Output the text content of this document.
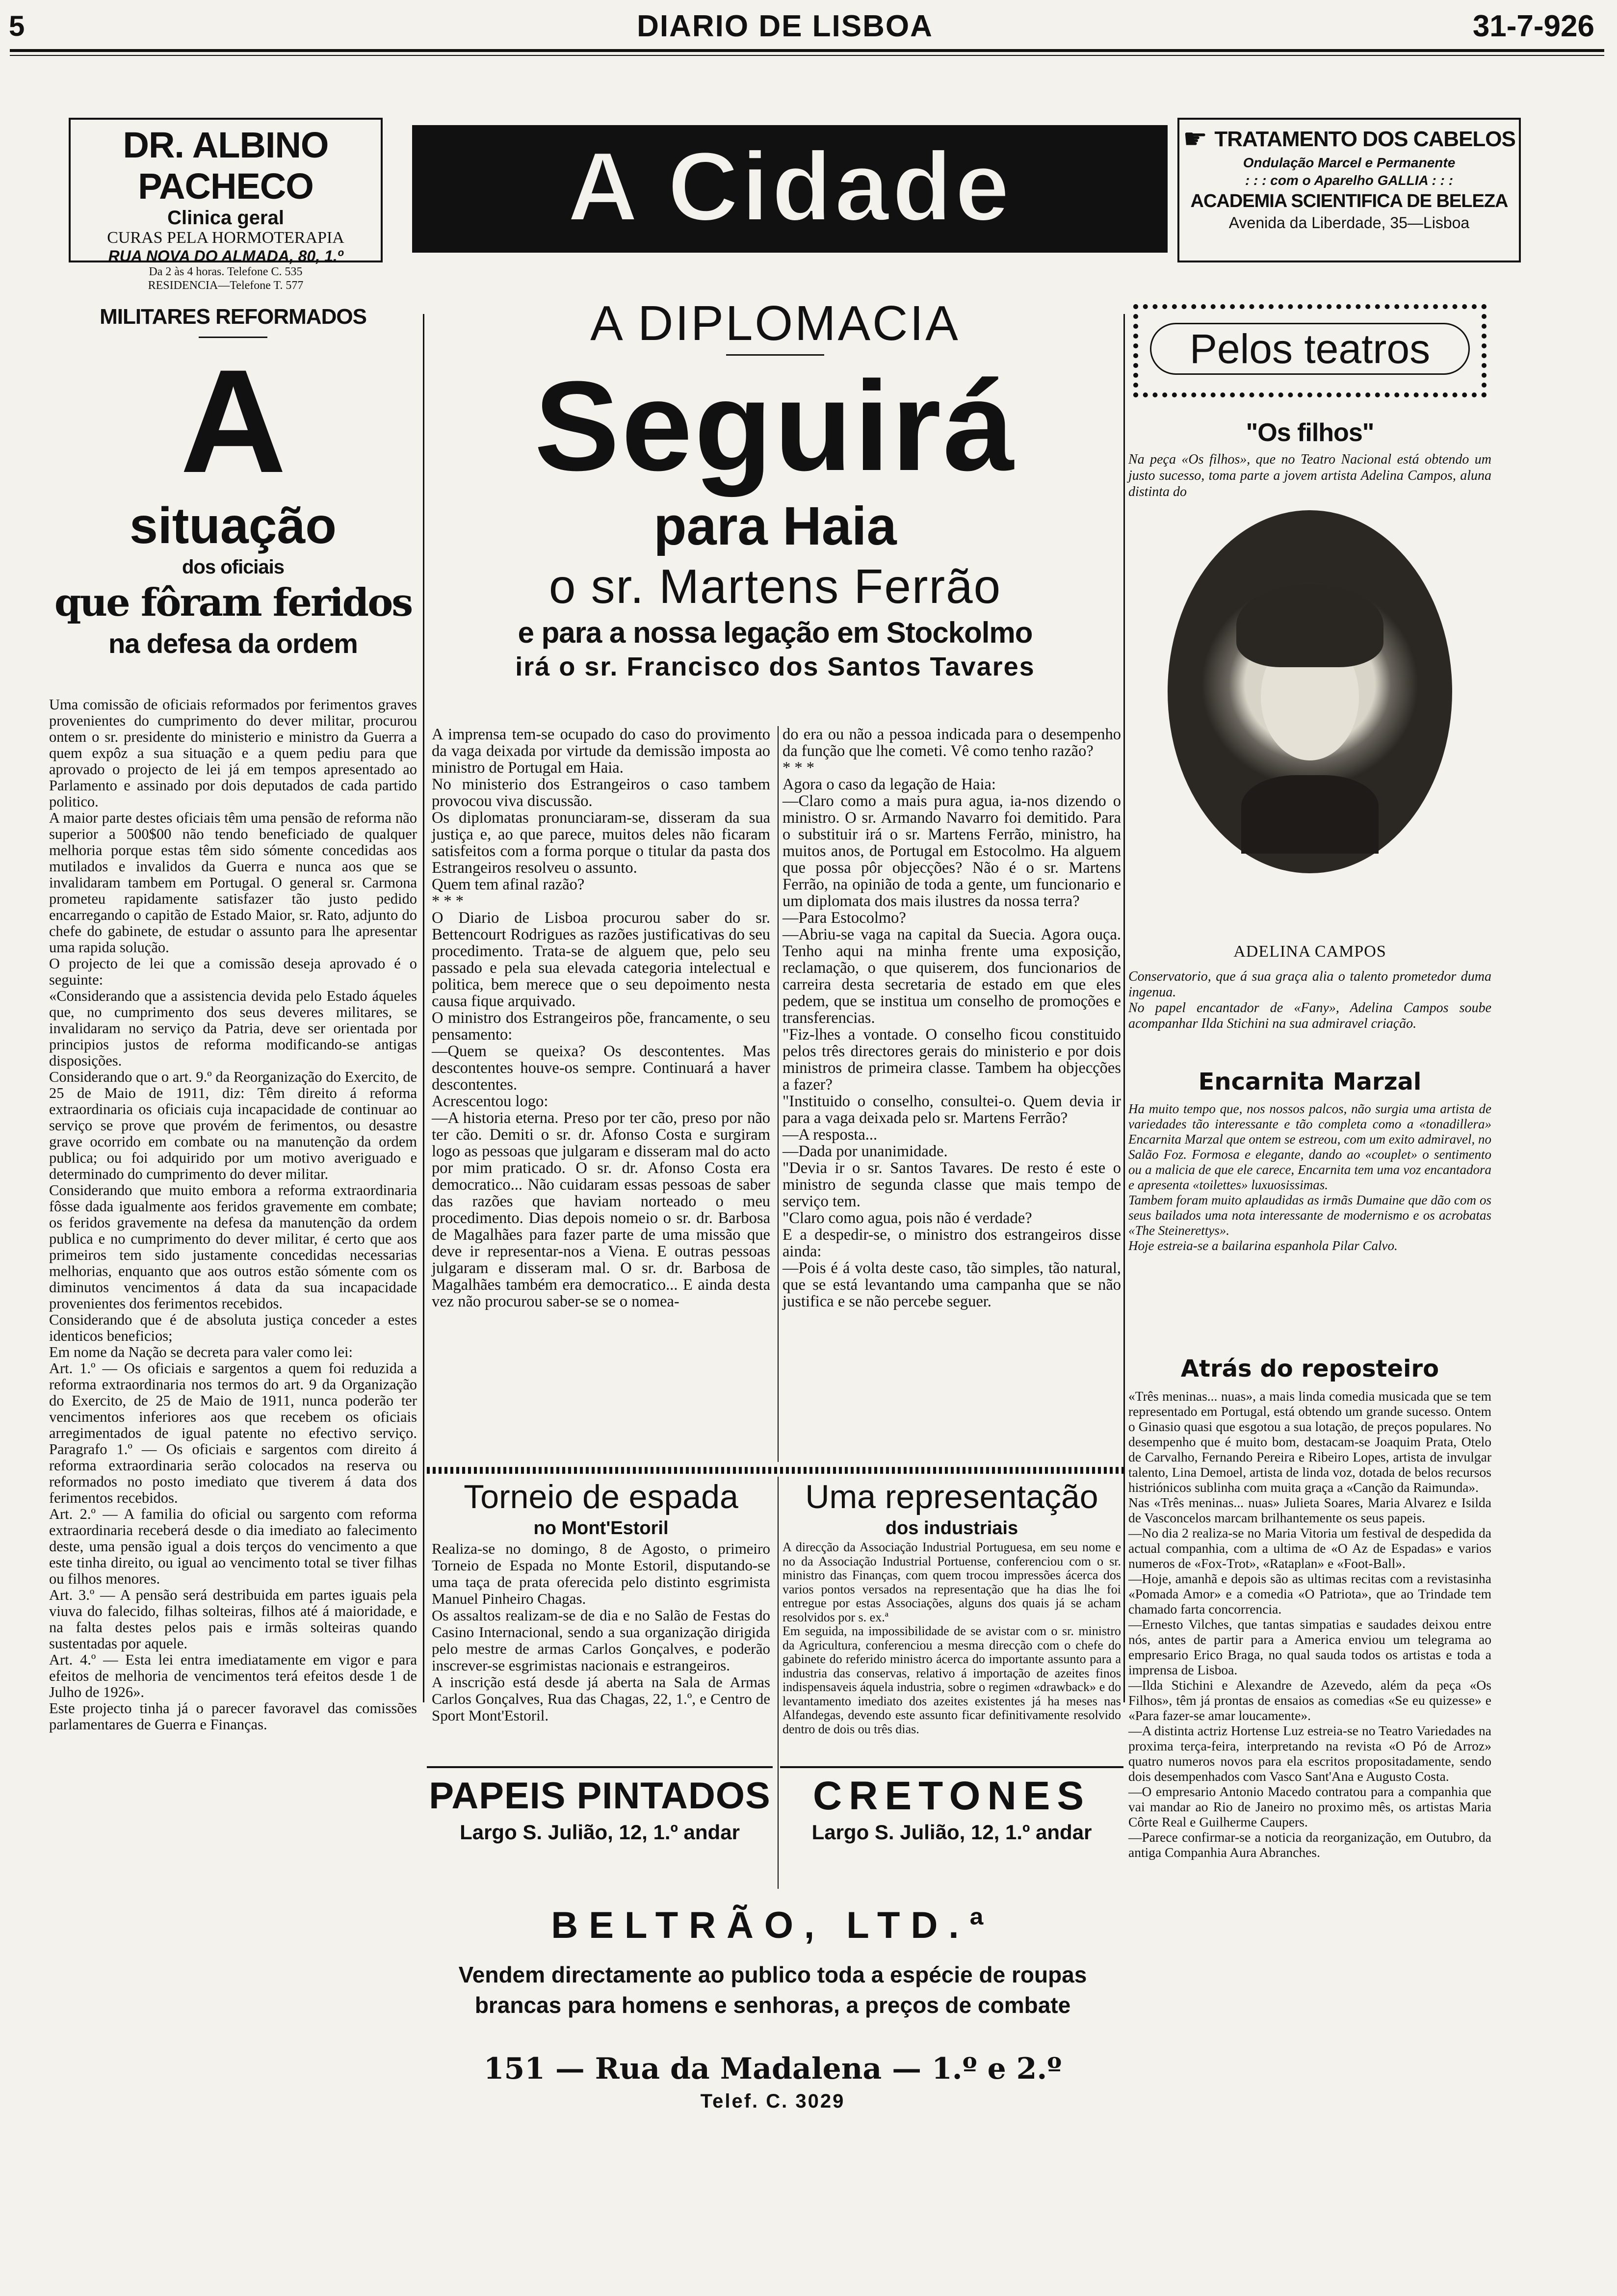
5	DIARIO DE LISBOA	31-7-926
DR. ALBINO PACHECO
Clinica geral
CURAS PELA HORMOTERAPIA
RUA NOVA DO ALMADA, 80, 1.º
Da 2 às 4 horas. Telefone C. 535
RESIDENCIA—Telefone T. 577
A Cidade	☛ TRATAMENTO DOS CABELOS
Ondulação Marcel e Permanente
: : : com o Aparelho GALLIA : : :
ACADEMIA SCIENTIFICA DE BELEZA
Avenida da Liberdade, 35—Lisboa
MILITARES REFORMADOS
A
situação
dos oficiais
que fôram feridos
na defesa da ordem
Uma comissão de oficiais reformados por ferimentos graves provenientes do cumprimento do dever militar, procurou ontem o sr. presidente do ministerio e ministro da Guerra a quem expôz a sua situação e a quem pediu para que aprovado o projecto de lei já em tempos apresentado ao Parlamento e assinado por dois deputados de cada partido politico.
A maior parte destes oficiais têm uma pensão de reforma não superior a 500$00 não tendo beneficiado de qualquer melhoria porque estas têm sido sómente concedidas aos mutilados e invalidos da Guerra e nunca aos que se invalidaram tambem em Portugal. O general sr. Carmona prometeu rapidamente satisfazer tão justo pedido encarregando o capitão de Estado Maior, sr. Rato, adjunto do chefe do gabinete, de estudar o assunto para lhe apresentar uma rapida solução.
O projecto de lei que a comissão deseja aprovado é o seguinte:
«Considerando que a assistencia devida pelo Estado áqueles que, no cumprimento dos seus deveres militares, se invalidaram no serviço da Patria, deve ser orientada por principios justos de reforma modificando-se antigas disposições.
Considerando que o art. 9.º da Reorganização do Exercito, de 25 de Maio de 1911, diz: Têm direito á reforma extraordinaria os oficiais cuja incapacidade de continuar ao serviço se prove que provém de ferimentos, ou desastre grave ocorrido em combate ou na manutenção da ordem publica; ou foi adquirido por um motivo averiguado e determinado do cumprimento do dever militar.
Considerando que muito embora a reforma extraordinaria fôsse dada igualmente aos feridos gravemente em combate; os feridos gravemente na defesa da manutenção da ordem publica e no cumprimento do dever militar, é certo que aos primeiros tem sido justamente concedidas necessarias melhorias, enquanto que aos outros estão sómente com os diminutos vencimentos á data da sua incapacidade provenientes dos ferimentos recebidos.
Considerando que é de absoluta justiça conceder a estes identicos beneficios;
Em nome da Nação se decreta para valer como lei:
Art. 1.º — Os oficiais e sargentos a quem foi reduzida a reforma extraordinaria nos termos do art. 9 da Organização do Exercito, de 25 de Maio de 1911, nunca poderão ter vencimentos inferiores aos que recebem os oficiais arregimentados de igual patente no efectivo serviço. Paragrafo 1.º — Os oficiais e sargentos com direito á reforma extraordinaria serão colocados na reserva ou reformados no posto imediato que tiverem á data dos ferimentos recebidos.
Art. 2.º — A familia do oficial ou sargento com reforma extraordinaria receberá desde o dia imediato ao falecimento deste, uma pensão igual a dois terços do vencimento a que este tinha direito, ou igual ao vencimento total se tiver filhas ou filhos menores.
Art. 3.º — A pensão será destribuida em partes iguais pela viuva do falecido, filhas solteiras, filhos até á maioridade, e na falta destes pelos pais e irmãs solteiras quando sustentadas por aquele.
Art. 4.º — Esta lei entra imediatamente em vigor e para efeitos de melhoria de vencimentos terá efeitos desde 1 de Julho de 1926».
Este projecto tinha já o parecer favoravel das comissões parlamentares de Guerra e Finanças.
A DIPLOMACIA
Seguirá
para Haia
o sr. Martens Ferrão
e para a nossa legação em Stockolmo
irá o sr. Francisco dos Santos Tavares
A imprensa tem-se ocupado do caso do provimento da vaga deixada por virtude da demissão imposta ao ministro de Portugal em Haia.
No ministerio dos Estrangeiros o caso tambem provocou viva discussão.
Os diplomatas pronunciaram-se, disseram da sua justiça e, ao que parece, muitos deles não ficaram satisfeitos com a forma porque o titular da pasta dos Estrangeiros resolveu o assunto.
Quem tem afinal razão?
* * *
O Diario de Lisboa procurou saber do sr. Bettencourt Rodrigues as razões justificativas do seu procedimento. Trata-se de alguem que, pelo seu passado e pela sua elevada categoria intelectual e politica, bem merece que o seu depoimento nesta causa fique arquivado.
O ministro dos Estrangeiros põe, francamente, o seu pensamento:
—Quem se queixa? Os descontentes. Mas descontentes houve-os sempre. Continuará a haver descontentes.
Acrescentou logo:
—A historia eterna. Preso por ter cão, preso por não ter cão. Demiti o sr. dr. Afonso Costa e surgiram logo as pessoas que julgaram e disseram mal do acto por mim praticado. O sr. dr. Afonso Costa era democratico... Não cuidaram essas pessoas de saber das razões que haviam norteado o meu procedimento. Dias depois nomeio o sr. dr. Barbosa de Magalhães para fazer parte de uma missão que deve ir representar-nos a Viena. E outras pessoas julgaram e disseram mal. O sr. dr. Barbosa de Magalhães também era democratico... E ainda desta vez não procurou saber-se se o nomea-
do era ou não a pessoa indicada para o desempenho da função que lhe cometi. Vê como tenho razão?
* * *
Agora o caso da legação de Haia:
—Claro como a mais pura agua, ia-nos dizendo o ministro. O sr. Armando Navarro foi demitido. Para o substituir irá o sr. Martens Ferrão, ministro, ha muitos anos, de Portugal em Estocolmo. Ha alguem que possa pôr objecções? Não é o sr. Martens Ferrão, na opinião de toda a gente, um funcionario e um diplomata dos mais ilustres da nossa terra?
—Para Estocolmo?
—Abriu-se vaga na capital da Suecia. Agora ouça. Tenho aqui na minha frente uma exposição, reclamação, o que quiserem, dos funcionarios de carreira desta secretaria de estado em que eles pedem, que se institua um conselho de promoções e transferencias.
"Fiz-lhes a vontade. O conselho ficou constituido pelos três directores gerais do ministerio e por dois ministros de primeira classe. Tambem ha objecções a fazer?
"Instituido o conselho, consultei-o. Quem devia ir para a vaga deixada pelo sr. Martens Ferrão?
—A resposta...
—Dada por unanimidade.
"Devia ir o sr. Santos Tavares. De resto é este o ministro de segunda classe que mais tempo de serviço tem.
"Claro como agua, pois não é verdade?
E a despedir-se, o ministro dos estrangeiros disse ainda:
—Pois é á volta deste caso, tão simples, tão natural, que se está levantando uma campanha que se não justifica e se não percebe seguer.
Torneio de espada
no Mont'Estoril
Realiza-se no domingo, 8 de Agosto, o primeiro Torneio de Espada no Monte Estoril, disputando-se uma taça de prata oferecida pelo distinto esgrimista Manuel Pinheiro Chagas.
Os assaltos realizam-se de dia e no Salão de Festas do Casino Internacional, sendo a sua organização dirigida pelo mestre de armas Carlos Gonçalves, e poderão inscrever-se esgrimistas nacionais e estrangeiros.
A inscrição está desde já aberta na Sala de Armas Carlos Gonçalves, Rua das Chagas, 22, 1.º, e Centro de Sport Mont'Estoril.
Uma representação
dos industriais
A direcção da Associação Industrial Portuguesa, em seu nome e no da Associação Industrial Portuense, conferenciou com o sr. ministro das Finanças, com quem trocou impressões ácerca dos varios pontos versados na representação que ha dias lhe foi entregue por estas Associações, alguns dos quais já se acham resolvidos por s. ex.ª
Em seguida, na impossibilidade de se avistar com o sr. ministro da Agricultura, conferenciou a mesma direcção com o chefe do gabinete do referido ministro ácerca do importante assunto para a industria das conservas, relativo á importação de azeites finos indispensaveis áquela industria, sobre o regimen «drawback» e do levantamento imediato dos azeites existentes já ha meses nas Alfandegas, devendo este assunto ficar definitivamente resolvido dentro de dois ou três dias.
PAPEIS PINTADOS
Largo S. Julião, 12, 1.º andar
CRETONES
Largo S. Julião, 12, 1.º andar
BELTRÃO, LTD.ª
Vendem directamente ao publico toda a espécie de roupas
brancas para homens e senhoras, a preços de combate
151 — Rua da Madalena — 1.º e 2.º
Telef. C. 3029
Pelos teatros
"Os filhos"
Na peça «Os filhos», que no Teatro Nacional está obtendo um justo sucesso, toma parte a jovem artista Adelina Campos, aluna distinta do
ADELINA CAMPOS
Conservatorio, que á sua graça alia o talento prometedor duma ingenua.
No papel encantador de «Fany», Adelina Campos soube acompanhar Ilda Stichini na sua admiravel criação.
Encarnita Marzal
Ha muito tempo que, nos nossos palcos, não surgia uma artista de variedades tão interessante e tão completa como a «tonadillera» Encarnita Marzal que ontem se estreou, com um exito admiravel, no Salão Foz. Formosa e elegante, dando ao «couplet» o sentimento ou a malicia de que ele carece, Encarnita tem uma voz encantadora e apresenta «toilettes» luxuosissimas.
Tambem foram muito aplaudidas as irmãs Dumaine que dão com os seus bailados uma nota interessante de modernismo e os acrobatas «The Steinerettys».
Hoje estreia-se a bailarina espanhola Pilar Calvo.
Atrás do reposteiro
«Três meninas... nuas», a mais linda comedia musicada que se tem representado em Portugal, está obtendo um grande sucesso. Ontem o Ginasio quasi que esgotou a sua lotação, de preços populares. No desempenho que é muito bom, destacam-se Joaquim Prata, Otelo de Carvalho, Fernando Pereira e Ribeiro Lopes, artista de invulgar talento, Lina Demoel, artista de linda voz, dotada de belos recursos histriónicos sublinha com muita graça a «Canção da Raimunda».
Nas «Três meninas... nuas» Julieta Soares, Maria Alvarez e Isilda de Vasconcelos marcam brilhantemente os seus papeis.
—No dia 2 realiza-se no Maria Vitoria um festival de despedida da actual companhia, com a ultima de «O Az de Espadas» e varios numeros de «Fox-Trot», «Rataplan» e «Foot-Ball».
—Hoje, amanhã e depois são as ultimas recitas com a revistasinha «Pomada Amor» e a comedia «O Patriota», que ao Trindade tem chamado farta concorrencia.
—Ernesto Vilches, que tantas simpatias e saudades deixou entre nós, antes de partir para a America enviou um telegrama ao empresario Erico Braga, no qual sauda todos os artistas e toda a imprensa de Lisboa.
—Ilda Stichini e Alexandre de Azevedo, além da peça «Os Filhos», têm já prontas de ensaios as comedias «Se eu quizesse» e «Para fazer-se amar loucamente».
—A distinta actriz Hortense Luz estreia-se no Teatro Variedades na proxima terça-feira, interpretando na revista «O Pó de Arroz» quatro numeros novos para ela escritos propositadamente, sendo dois desempenhados com Vasco Sant'Ana e Augusto Costa.
—O empresario Antonio Macedo contratou para a companhia que vai mandar ao Rio de Janeiro no proximo mês, os artistas Maria Côrte Real e Guilherme Caupers.
—Parece confirmar-se a noticia da reorganização, em Outubro, da antiga Companhia Aura Abranches.
